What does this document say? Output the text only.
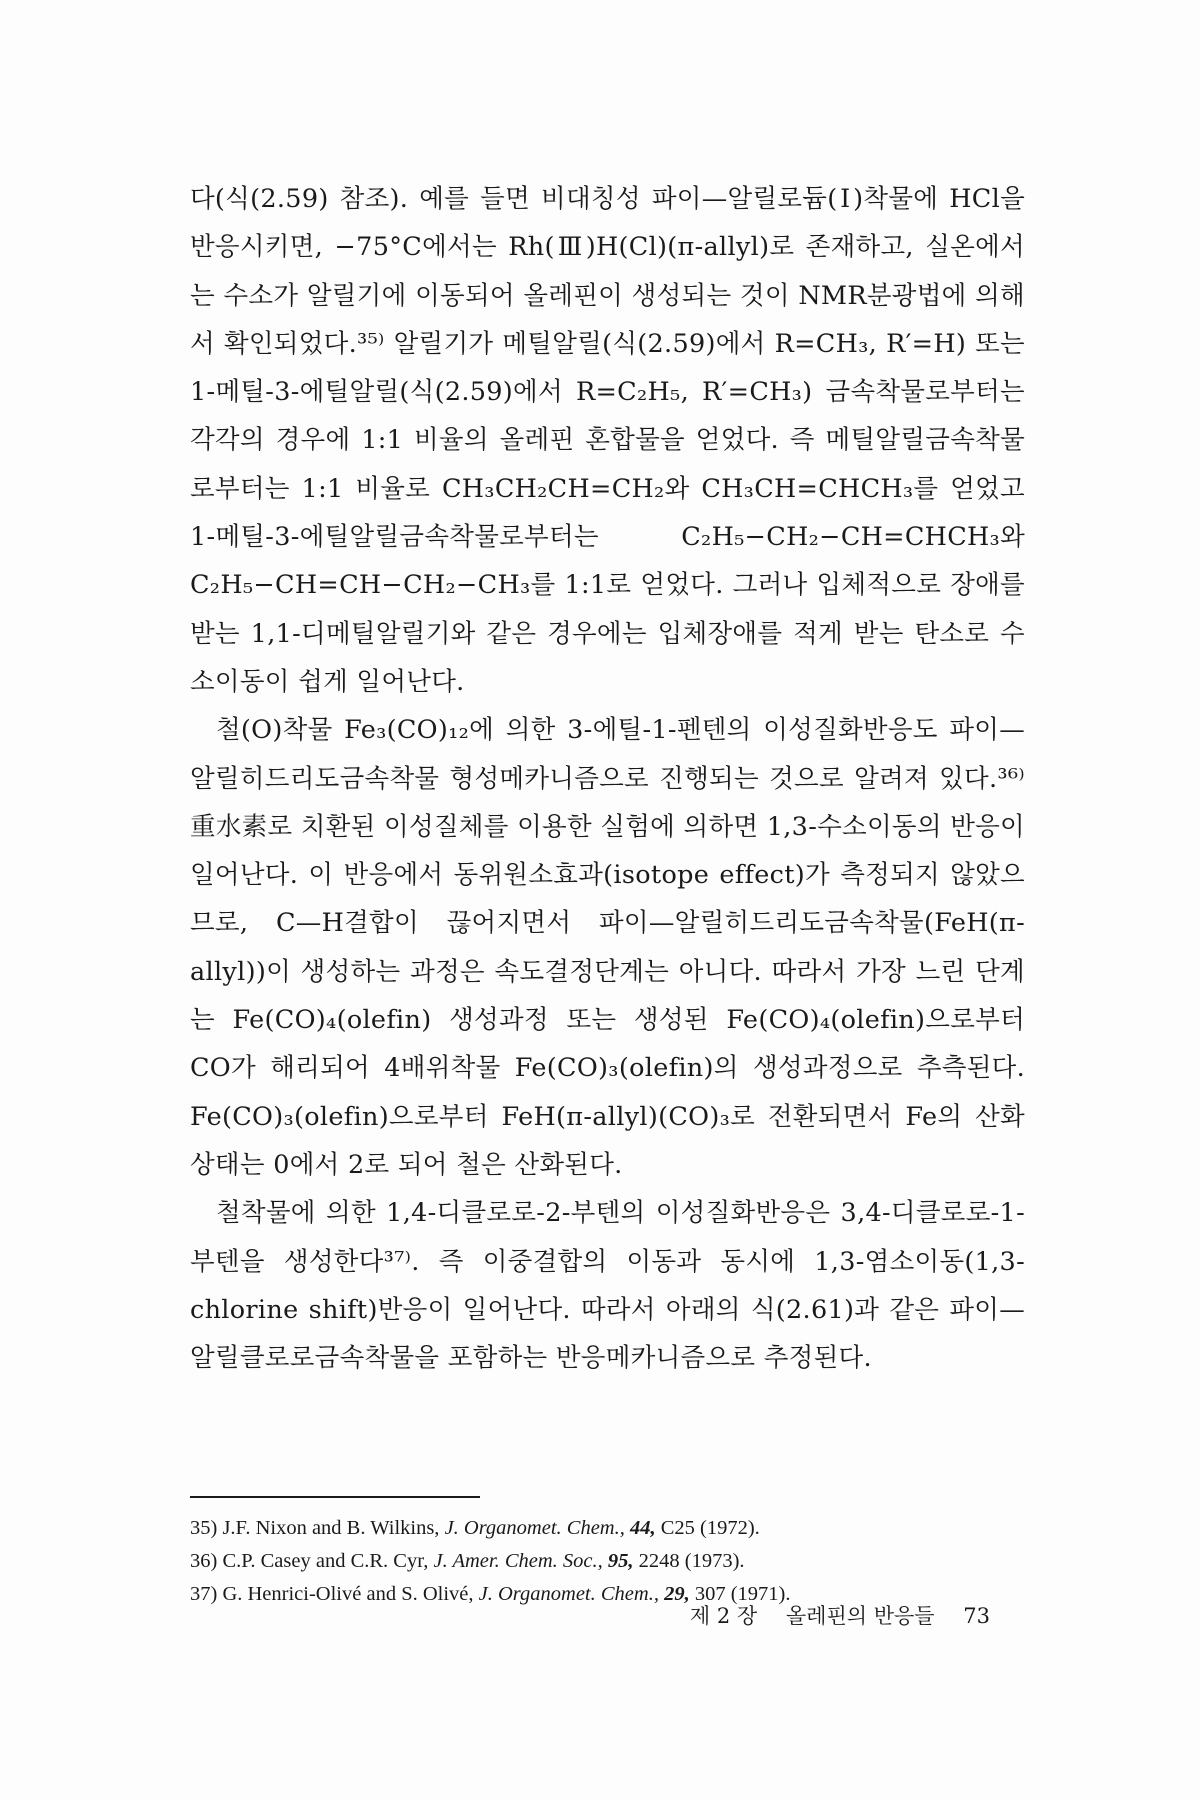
다(식(2.59) 참조). 예를 들면 비대칭성 파이—알릴로듐(Ⅰ)착물에 HCl을 반응시키면, −75°C에서는 Rh(Ⅲ)H(Cl)(π-allyl)로 존재하고, 실온에서는 수소가 알릴기에 이동되어 올레핀이 생성되는 것이 NMR분광법에 의해서 확인되었다.³⁵⁾ 알릴기가 메틸알릴(식(2.59)에서 R=CH₃, R′=H) 또는 1-메틸-3-에틸알릴(식(2.59)에서 R=C₂H₅, R′=CH₃) 금속착물로부터는 각각의 경우에 1:1 비율의 올레핀 혼합물을 얻었다. 즉 메틸알릴금속착물로부터는 1:1 비율로 CH₃CH₂CH=CH₂와 CH₃CH=CHCH₃를 얻었고 1-메틸-3-에틸알릴금속착물로부터는 C₂H₅−CH₂−CH=CHCH₃와 C₂H₅−CH=CH−CH₂−CH₃를 1:1로 얻었다. 그러나 입체적으로 장애를 받는 1,1-디메틸알릴기와 같은 경우에는 입체장애를 적게 받는 탄소로 수소이동이 쉽게 일어난다.

철(O)착물 Fe₃(CO)₁₂에 의한 3-에틸-1-펜텐의 이성질화반응도 파이—알릴히드리도금속착물 형성메카니즘으로 진행되는 것으로 알려져 있다.³⁶⁾ 重水素로 치환된 이성질체를 이용한 실험에 의하면 1,3-수소이동의 반응이 일어난다. 이 반응에서 동위원소효과(isotope effect)가 측정되지 않았으므로, C—H결합이 끊어지면서 파이—알릴히드리도금속착물(FeH(π-allyl))이 생성하는 과정은 속도결정단계는 아니다. 따라서 가장 느린 단계는 Fe(CO)₄(olefin) 생성과정 또는 생성된 Fe(CO)₄(olefin)으로부터 CO가 해리되어 4배위착물 Fe(CO)₃(olefin)의 생성과정으로 추측된다. Fe(CO)₃(olefin)으로부터 FeH(π-allyl)(CO)₃로 전환되면서 Fe의 산화상태는 0에서 2로 되어 철은 산화된다.

철착물에 의한 1,4-디클로로-2-부텐의 이성질화반응은 3,4-디클로로-1-부텐을 생성한다³⁷⁾. 즉 이중결합의 이동과 동시에 1,3-염소이동(1,3-chlorine shift)반응이 일어난다. 따라서 아래의 식(2.61)과 같은 파이—알릴클로로금속착물을 포함하는 반응메카니즘으로 추정된다.

35) J.F. Nixon and B. Wilkins, J. Organomet. Chem., 44, C25 (1972).

36) C.P. Casey and C.R. Cyr, J. Amer. Chem. Soc., 95, 2248 (1973).

37) G. Henrici-Olivé and S. Olivé, J. Organomet. Chem., 29, 307 (1971).

제 2 장 올레핀의 반응들 73
